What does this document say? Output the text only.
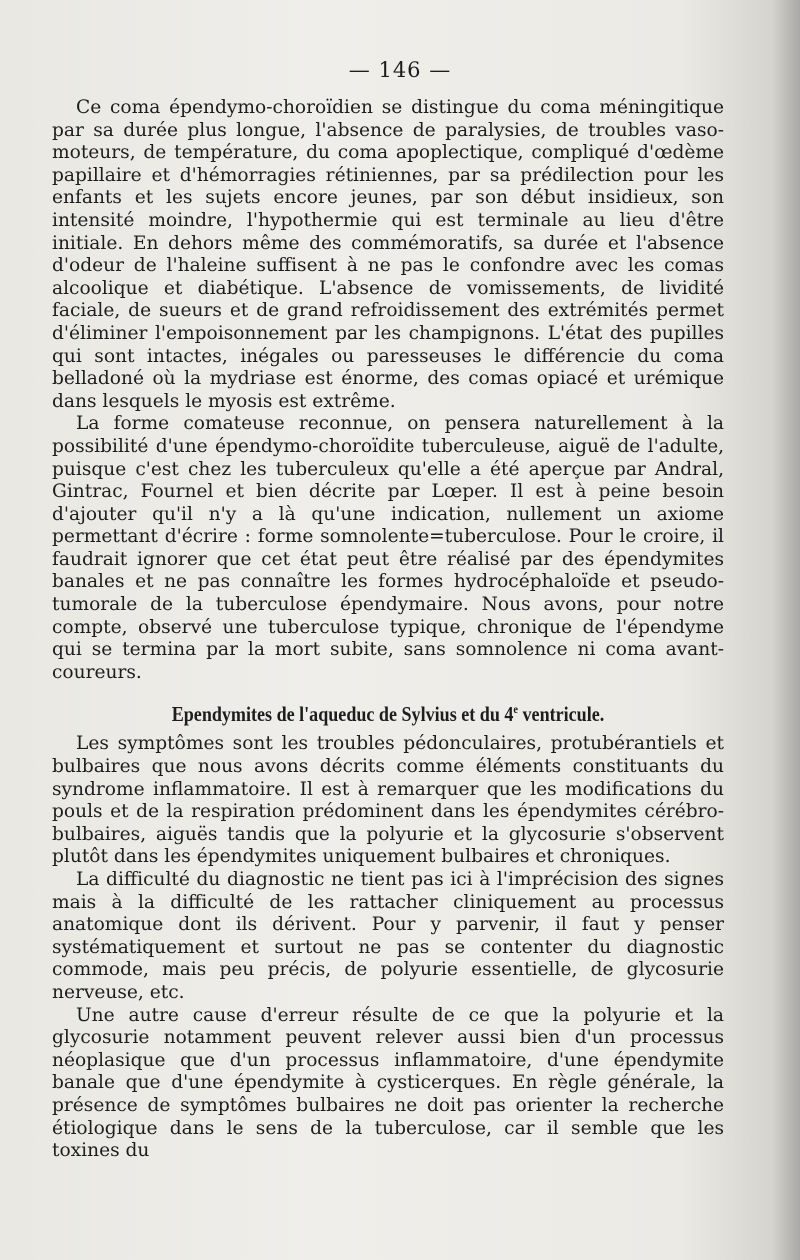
— 146 —

Ce coma épendymo-choroïdien se distingue du coma méningitique par sa durée plus longue, l'absence de paralysies, de troubles vaso-moteurs, de température, du coma apoplectique, compliqué d'œdème papillaire et d'hémorragies rétiniennes, par sa prédilection pour les enfants et les sujets encore jeunes, par son début insidieux, son intensité moindre, l'hypothermie qui est terminale au lieu d'être initiale. En dehors même des commémoratifs, sa durée et l'absence d'odeur de l'haleine suffisent à ne pas le confondre avec les comas alcoolique et diabétique. L'absence de vomissements, de lividité faciale, de sueurs et de grand refroidissement des extrémités permet d'éliminer l'empoisonnement par les champignons. L'état des pupilles qui sont intactes, inégales ou paresseuses le différencie du coma belladoné où la mydriase est énorme, des comas opiacé et urémique dans lesquels le myosis est extrême.

La forme comateuse reconnue, on pensera naturellement à la possibilité d'une épendymo-choroïdite tuberculeuse, aiguë de l'adulte, puisque c'est chez les tuberculeux qu'elle a été aperçue par Andral, Gintrac, Fournel et bien décrite par Lœper. Il est à peine besoin d'ajouter qu'il n'y a là qu'une indication, nullement un axiome permettant d'écrire : forme somnolente=tuberculose. Pour le croire, il faudrait ignorer que cet état peut être réalisé par des épendymites banales et ne pas connaître les formes hydrocéphaloïde et pseudo-tumorale de la tuberculose épendymaire. Nous avons, pour notre compte, observé une tuberculose typique, chronique de l'épendyme qui se termina par la mort subite, sans somnolence ni coma avant-coureurs.

Ependymites de l'aqueduc de Sylvius et du 4e ventricule.

Les symptômes sont les troubles pédonculaires, protubérantiels et bulbaires que nous avons décrits comme éléments constituants du syndrome inflammatoire. Il est à remarquer que les modifications du pouls et de la respiration prédominent dans les épendymites cérébro-bulbaires, aiguës tandis que la polyurie et la glycosurie s'observent plutôt dans les épendymites uniquement bulbaires et chroniques.

La difficulté du diagnostic ne tient pas ici à l'imprécision des signes mais à la difficulté de les rattacher cliniquement au processus anatomique dont ils dérivent. Pour y parvenir, il faut y penser systématiquement et surtout ne pas se contenter du diagnostic commode, mais peu précis, de polyurie essentielle, de glycosurie nerveuse, etc.

Une autre cause d'erreur résulte de ce que la polyurie et la glycosurie notamment peuvent relever aussi bien d'un processus néoplasique que d'un processus inflammatoire, d'une épendymite banale que d'une épendymite à cysticerques. En règle générale, la présence de symptômes bulbaires ne doit pas orienter la recherche étiologique dans le sens de la tuberculose, car il semble que les toxines du
